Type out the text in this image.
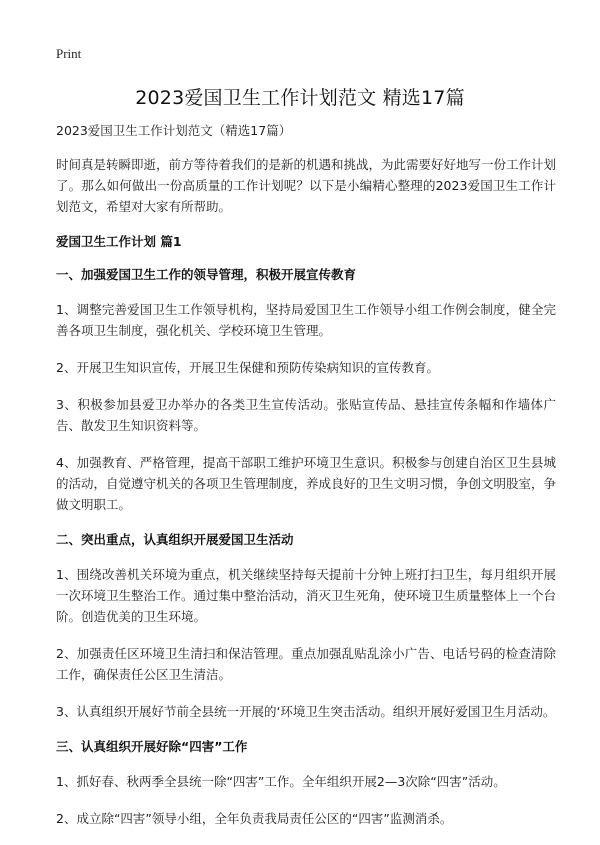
Print
2023爱国卫生工作计划范文 精选17篇

2023爱国卫生工作计划范文（精选17篇）

时间真是转瞬即逝，前方等待着我们的是新的机遇和挑战，为此需要好好地写一份工作计划了。那么如何做出一份高质量的工作计划呢？以下是小编精心整理的2023爱国卫生工作计划范文，希望对大家有所帮助。

爱国卫生工作计划 篇1

一、加强爱国卫生工作的领导管理，积极开展宣传教育

1、调整完善爱国卫生工作领导机构，坚持局爱国卫生工作领导小组工作例会制度，健全完善各项卫生制度，强化机关、学校环境卫生管理。

2、开展卫生知识宣传，开展卫生保健和预防传染病知识的宣传教育。

3、积极参加县爱卫办举办的各类卫生宣传活动。张贴宣传品、悬挂宣传条幅和作墙体广告、散发卫生知识资料等。

4、加强教育、严格管理，提高干部职工维护环境卫生意识。积极参与创建自治区卫生县城的活动，自觉遵守机关的各项卫生管理制度，养成良好的卫生文明习惯，争创文明股室，争做文明职工。

二、突出重点，认真组织开展爱国卫生活动

1、围绕改善机关环境为重点，机关继续坚持每天提前十分钟上班打扫卫生，每月组织开展一次环境卫生整治工作。通过集中整治活动，消灭卫生死角，使环境卫生质量整体上一个台阶。创造优美的卫生环境。

2、加强责任区环境卫生清扫和保洁管理。重点加强乱贴乱涂小广告、电话号码的检查清除工作，确保责任公区卫生清洁。

3、认真组织开展好节前全县统一开展的‘环境卫生突击活动。组织开展好爱国卫生月活动。

三、认真组织开展好除“四害”工作

1、抓好春、秋两季全县统一除“四害”工作。全年组织开展2—3次除“四害”活动。

2、成立除“四害”领导小组，全年负责我局责任公区的“四害”监测消杀。
